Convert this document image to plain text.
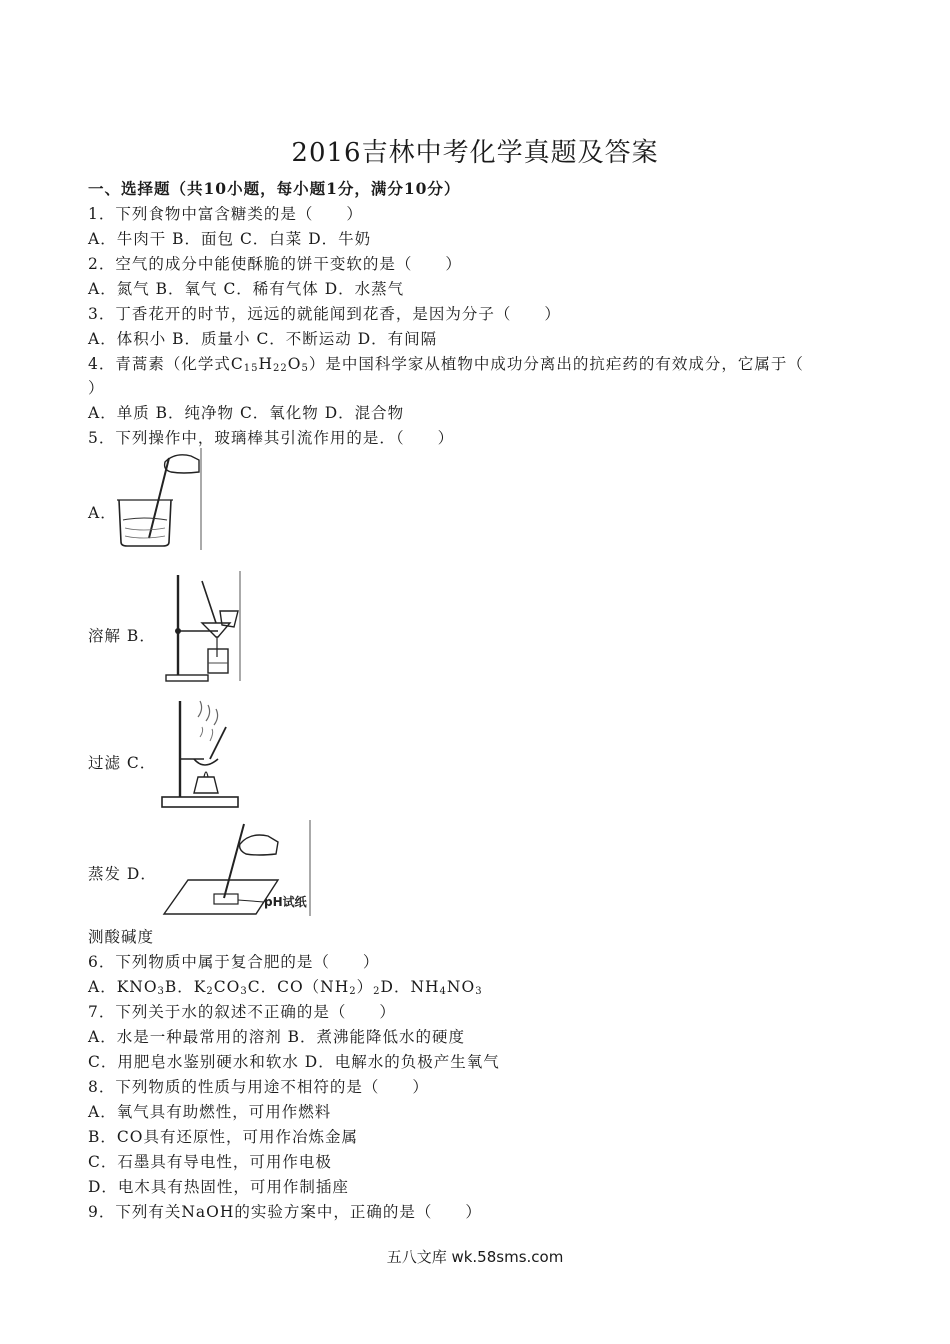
2016吉林中考化学真题及答案
一、选择题（共10小题，每小题1分，满分10分）
1．下列食物中富含糖类的是（　　）
A．牛肉干 B．面包 C．白菜 D．牛奶
2．空气的成分中能使酥脆的饼干变软的是（　　）
A．氮气 B．氧气 C．稀有气体 D．水蒸气
3．丁香花开的时节，远远的就能闻到花香，是因为分子（　　）
A．体积小 B．质量小 C．不断运动 D．有间隔
4．青蒿素（化学式$C_{15}H_{22}O_5$）是中国科学家从植物中成功分离出的抗疟药的有效成分，它属于（
）
A．单质 B．纯净物 C．氧化物 D．混合物
5．下列操作中，玻璃棒其引流作用的是．（　　）
A．
溶解 B．
过滤 C．
蒸发 D．
pH试纸
测酸碱度
6．下列物质中属于复合肥的是（　　）
A．$KNO_3B$．$K_2CO_3C$．$CO(NH_2)_2D$．$NH_4NO_3$
7．下列关于水的叙述不正确的是（　　）
A．水是一种最常用的溶剂 B．煮沸能降低水的硬度
C．用肥皂水鉴别硬水和软水 D．电解水的负极产生氧气
8．下列物质的性质与用途不相符的是（　　）
A．氧气具有助燃性，可用作燃料
B．CO具有还原性，可用作冶炼金属
C．石墨具有导电性，可用作电极
D．电木具有热固性，可用作制插座
9．下列有关NaOH的实验方案中，正确的是（　　）
五八文库 wk.58sms.com
